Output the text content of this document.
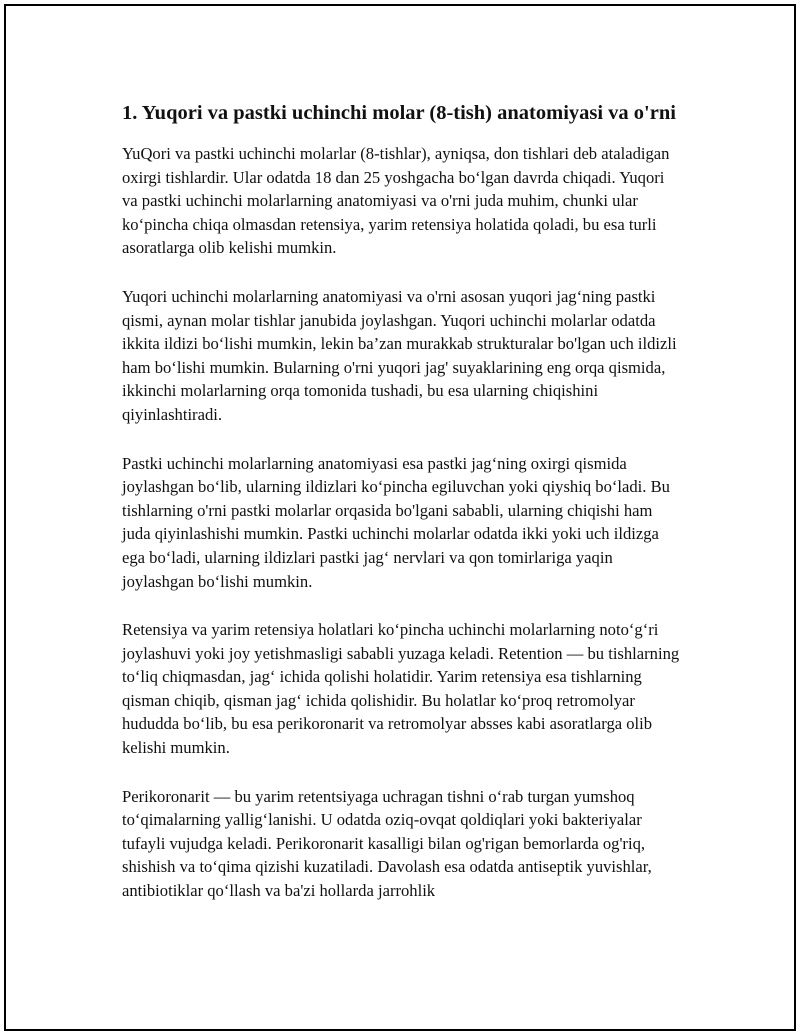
1. Yuqori va pastki uchinchi molar (8-tish) anatomiyasi va o'rni

YuQori va pastki uchinchi molarlar (8-tishlar), ayniqsa, don tishlari deb ataladigan oxirgi tishlardir. Ular odatda 18 dan 25 yoshgacha bo‘lgan davrda chiqadi. Yuqori va pastki uchinchi molarlarning anatomiyasi va o'rni juda muhim, chunki ular ko‘pincha chiqa olmasdan retensiya, yarim retensiya holatida qoladi, bu esa turli asoratlarga olib kelishi mumkin.

Yuqori uchinchi molarlarning anatomiyasi va o'rni asosan yuqori jag‘ning pastki qismi, aynan molar tishlar janubida joylashgan. Yuqori uchinchi molarlar odatda ikkita ildizi bo‘lishi mumkin, lekin ba’zan murakkab strukturalar bo'lgan uch ildizli ham bo‘lishi mumkin. Bularning o'rni yuqori jag' suyaklarining eng orqa qismida, ikkinchi molarlarning orqa tomonida tushadi, bu esa ularning chiqishini qiyinlashtiradi.

Pastki uchinchi molarlarning anatomiyasi esa pastki jag‘ning oxirgi qismida joylashgan bo‘lib, ularning ildizlari ko‘pincha egiluvchan yoki qiyshiq bo‘ladi. Bu tishlarning o'rni pastki molarlar orqasida bo'lgani sababli, ularning chiqishi ham juda qiyinlashishi mumkin. Pastki uchinchi molarlar odatda ikki yoki uch ildizga ega bo‘ladi, ularning ildizlari pastki jag‘ nervlari va qon tomirlariga yaqin joylashgan bo‘lishi mumkin.

Retensiya va yarim retensiya holatlari ko‘pincha uchinchi molarlarning noto‘g‘ri joylashuvi yoki joy yetishmasligi sababli yuzaga keladi. Retention — bu tishlarning to‘liq chiqmasdan, jag‘ ichida qolishi holatidir. Yarim retensiya esa tishlarning qisman chiqib, qisman jag‘ ichida qolishidir. Bu holatlar ko‘proq retromolyar hududda bo‘lib, bu esa perikoronarit va retromolyar absses kabi asoratlarga olib kelishi mumkin.

Perikoronarit — bu yarim retentsiyaga uchragan tishni o‘rab turgan yumshoq to‘qimalarning yallig‘lanishi. U odatda oziq-ovqat qoldiqlari yoki bakteriyalar tufayli vujudga keladi. Perikoronarit kasalligi bilan og'rigan bemorlarda og'riq, shishish va to‘qima qizishi kuzatiladi. Davolash esa odatda antiseptik yuvishlar, antibiotiklar qo‘llash va ba'zi hollarda jarrohlik
